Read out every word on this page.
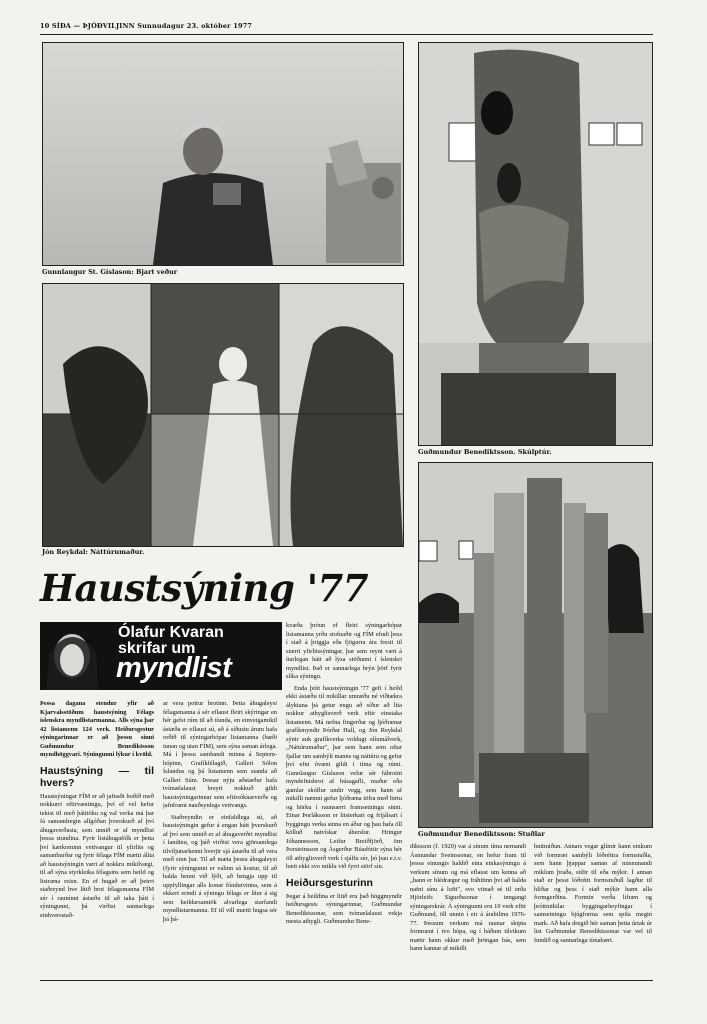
10 SÍÐA — ÞJÓÐVILJINN Sunnudagur 23. október 1977
Gunnlaugur St. Gíslason: Bjart veður
Jón Reykdal: Náttúrumaður.
Guðmundur Benediktsson. Skúlptúr.
Guðmundur Benediktsson: Stuðlar
Haustsýning '77
Ólafur Kvaran
skrifar um
myndlist

Þessa dagana stendur yfir að Kjarvalsstöðum haustsýning Félags íslenskra myndlistarmanna. Alls sýna þar 42 listamenn 124 verk. Heiðursgestur sýningarinnar er að þessu sinni Guðmundur Benediktsson myndhöggvari. Sýningunni lýkur í kvöld.

Haustsýning — til hvers?

Haustsýningar FÍM er að jafnaði boðið með nokkurri eftirvæntingu, því ef vel hefur tekist til með þátttöku og val verka má þar fá samandregin allgóðan þverskurð af því áhugaverðasta, sem unnið er af myndlist þessa stundina. Fyrir listáhugafólk er þetta því kærkominn vettvangur til yfirlits og samanburðar og fyrir félaga FÍM mætti álíta að haustsýningin væri af nokkru mikilvægi, til að sýna styrkleika félagsins sem heild og listræna reisn. En ef hugað er að þeirri staðreynd hve lítið brot félagsmanna FÍM sér í raunínni ástæðu til að taka þátt í sýningunni, þá virðist sannarlega einhversstað-

ar vera pottur brotinn. Þetta áhugaleysi félagsmanna á sér eflaust fleiri skýringar en hér gefst rúm til að tíunda, en einveigamikil ástæða er eflaust sú, að á síðustu árum hafa orðið til sýningarhópar listamanna (bæði innan og utan FÍM), sem sýna saman árlega. Má í þessu sambandi minna á Septem-hópinn, Grafíkfélagið, Gallerí Sólon Íslandus og þá listamenn sem standa að Gallerí Súm. Þessar nýju aðstæður hafa tvímælalaust breytt nokkuð gildi haustsýningarinnar sem eftirsóknarverðs og jafnframt nauðsynlegs vettvangs.

Staðreyndin er einfaldlega sú, að haustsýningin gefur á engan hátt þverskurð af því sem unnið er af áhugaverðri myndlist í landinu, og þáð virðist vera gjörsamlega tilviljunarkennt hverjir sjá ástæðu til að vera með sinn þar. Til að mæta þessu áhugaleysi (fyrir sýningunni er valinn sá kostur, til að halda henni við lýði, að hengja upp til uppfyllingar alls konar fóndurvinna, sem á ekkert erindi á sýningu félags er lítur á sig sem heildarsamtök alvarlega starfandi myndlistarmanna. Ef til vill mætti hugsa sér þá þá-

kvæða þróun ef fleiri sýningarhópar listamanna yrðu stofnaðir og FÍM efndi þess í stað á þriggja eða fjögurra ára fresti til stærri yfirlitssýningar, þar sem reynt væri á ítarlegan hátt að lýsa stöðunni í íslenskri myndlist. Það er sannarlega brýn þörf fyrir slíka sýningu.

Enda þótt haustsýningin '77 gefi í heild ekki ástæðu til mikillar umræðu né víðtækra ályktana þá getur engu að síður að líta nokkur athyglisverð verk eftir einstaka listamenn. Má nefna fingerðar og ljóðrænar grafíkmyndir Þórðar Hall, og Jón Reykdal sýnir auk grafíkverka voldugt olíumálverk, „Náttúrumaður", þar sem hann sem oftar fjallar um sambýli manns og náttúru og gefur því efni óvænt gildi í tíma og rúmi. Gunnlaugur Gíslason velur sér fábrotin myndefnisbrot af húsagafli, maður eða gamlar skóflur undir vegg, sem hann af mikilli næmni gefur ljóðræna töfra með birtu og hörku í raunsærri framsetningu sinni. Einar Þorláksson er litsterkari og fríjálsari í byggingu verka sinna en áður og þau hafa öll kölluð natvískar áherslur. Hringur Jóhannesson, Leifur Breiðfjörð, örn Þorsteinsson og Ásgerður Búadóttir sýna hér öll athyglisverð verk í sjálfu sér, þó þau e.t.v. bæti ekki svo miklu við fyrri störf sín.

Heiðursgesturinn

Þegar á heildina er litið eru það höggmyndir heiðursgests sýningarinnar, Guðmundar Benediktssonar, sem tvímælalaust vekja mesta athygli. Guðmundur Bene-

diktsson (f. 1920) var á sínum tíma nemandi Ásmundar Sveinssonar, en hefur fram til þessa einungis haldið eina einkasýningu á verkum sínum og má eflaust um kenna að „hann er hlédrægur og fráhitinn þvi að halda nafni sínu á lofti", svo vitnað sé til orða Hjörleifs Sigurðssonar í inngangi sýningarskrár. Á sýningunni eru 10 verk eftir Guðmund, öll unnin í eir á árabilinu 1976-77. Þessum verkum má raunar skipta formrænt í tvo hópa, og í báðum tilvikum mætir hann okkur með þröngan bás, sem hann kannar af mikilli

hnitmiðun. Annars vegar glímir hann einkum við formræt sambýli lóðréttra formstuðla, sem hann þjappar saman af misnunandi miklum þraða, stífir til eða mýkir. Í annan stað er þessi lóðrétti formstuðull lagður til hliðar og þess í stað mýkir hann alla formgerðina. Formin verða lífræn og þróttmikilar byggingarheyfingar í samsetningu bjúgforma sem spila megin mark. Að hafa dregið hér saman þetta úrtak úr list Guðmundar Benediktssonar var vel til fundið og sannarlega tímabært.
